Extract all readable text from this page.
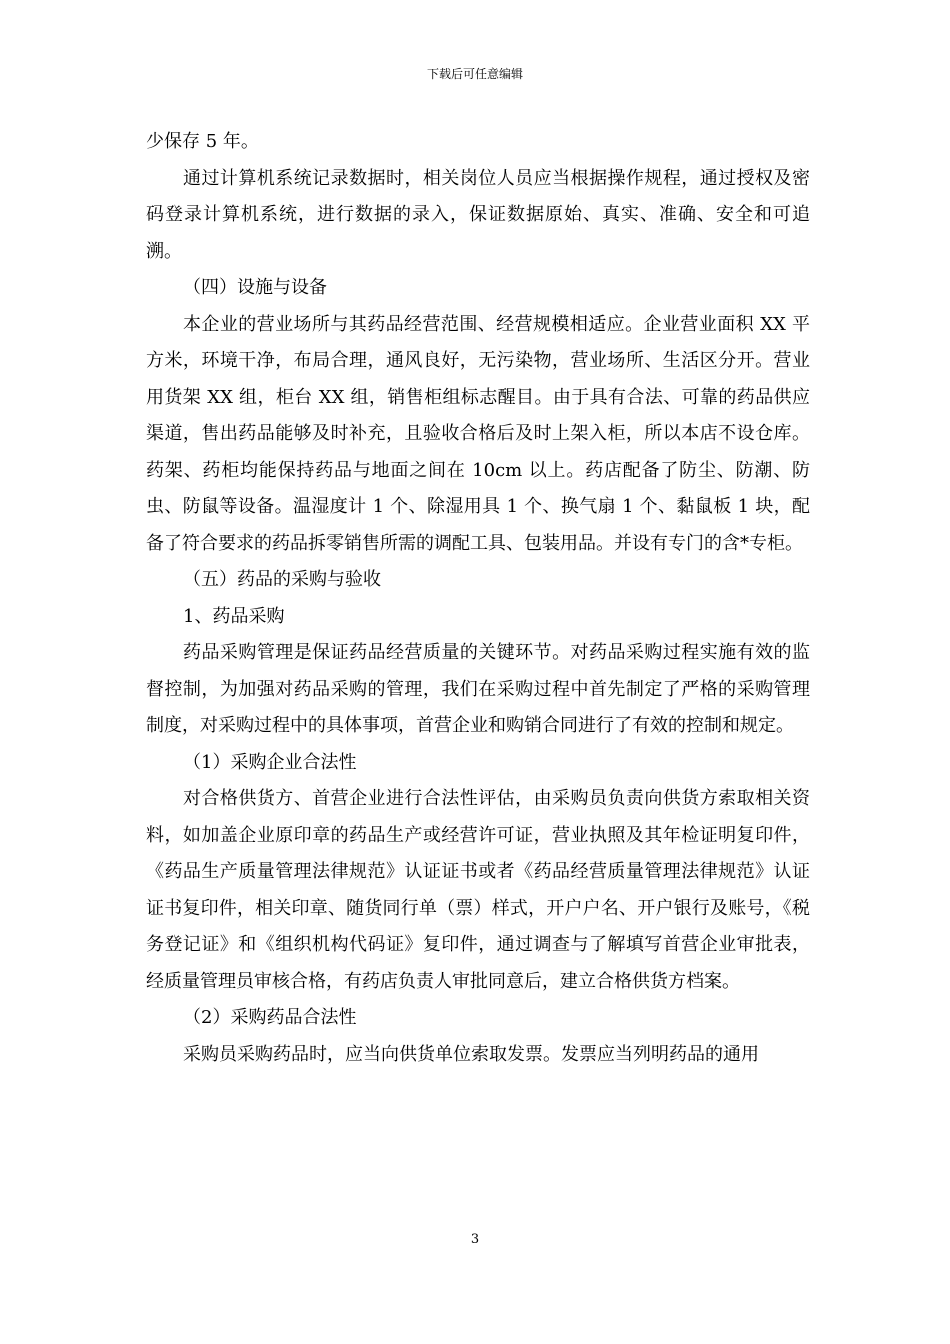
下载后可任意编辑

少保存 5 年。

通过计算机系统记录数据时，相关岗位人员应当根据操作规程，通过授权及密码登录计算机系统，进行数据的录入，保证数据原始、真实、准确、安全和可追溯。

（四）设施与设备

本企业的营业场所与其药品经营范围、经营规模相适应。企业营业面积 XX 平方米，环境干净，布局合理，通风良好，无污染物，营业场所、生活区分开。营业用货架 XX 组，柜台 XX 组，销售柜组标志醒目。由于具有合法、可靠的药品供应渠道，售出药品能够及时补充，且验收合格后及时上架入柜，所以本店不设仓库。药架、药柜均能保持药品与地面之间在 10cm 以上。药店配备了防尘、防潮、防虫、防鼠等设备。温湿度计 1 个、除湿用具 1 个、换气扇 1 个、黏鼠板 1 块，配备了符合要求的药品拆零销售所需的调配工具、包装用品。并设有专门的含*专柜。

（五）药品的采购与验收

1、药品采购

药品采购管理是保证药品经营质量的关键环节。对药品采购过程实施有效的监督控制，为加强对药品采购的管理，我们在采购过程中首先制定了严格的采购管理制度，对采购过程中的具体事项，首营企业和购销合同进行了有效的控制和规定。

（1）采购企业合法性

对合格供货方、首营企业进行合法性评估，由采购员负责向供货方索取相关资料，如加盖企业原印章的药品生产或经营许可证，营业执照及其年检证明复印件，《药品生产质量管理法律规范》认证证书或者《药品经营质量管理法律规范》认证证书复印件，相关印章、随货同行单（票）样式，开户户名、开户银行及账号，《税务登记证》和《组织机构代码证》复印件，通过调查与了解填写首营企业审批表，经质量管理员审核合格，有药店负责人审批同意后，建立合格供货方档案。

（2）采购药品合法性

采购员采购药品时，应当向供货单位索取发票。发票应当列明药品的通用

3
